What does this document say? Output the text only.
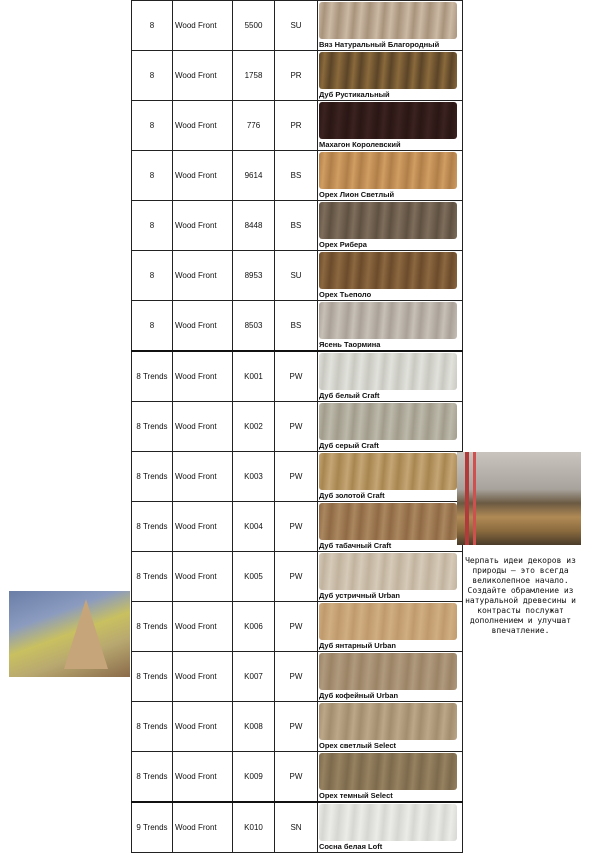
8	Wood Front	5500	SU	Вяз Натуральный Благородный

8	Wood Front	1758	PR	Дуб Рустикальный

8	Wood Front	776	PR	Махагон Королевский

8	Wood Front	9614	BS	Орех Лион Светлый

8	Wood Front	8448	BS	Орех Рибера

8	Wood Front	8953	SU	Орех Тьеполо

8	Wood Front	8503	BS	Ясень Таормина

8 Trends	Wood Front	K001	PW	Дуб белый Craft

8 Trends	Wood Front	K002	PW	Дуб серый Craft

8 Trends	Wood Front	K003	PW	Дуб золотой Craft

8 Trends	Wood Front	K004	PW	Дуб табачный Craft

8 Trends	Wood Front	K005	PW	Дуб устричный Urban

8 Trends	Wood Front	K006	PW	Дуб янтарный Urban

8 Trends	Wood Front	K007	PW	Дуб кофейный Urban

8 Trends	Wood Front	K008	PW	Орех светлый Select

8 Trends	Wood Front	K009	PW	Орех темный Select

9 Trends	Wood Front	K010	SN	Сосна белая Loft
Черпать идеи декоров из природы – это всегда великолепное начало. Создайте обрамление из натуральной древесины и контрасты послужат дополнением и улучшат впечатление.
